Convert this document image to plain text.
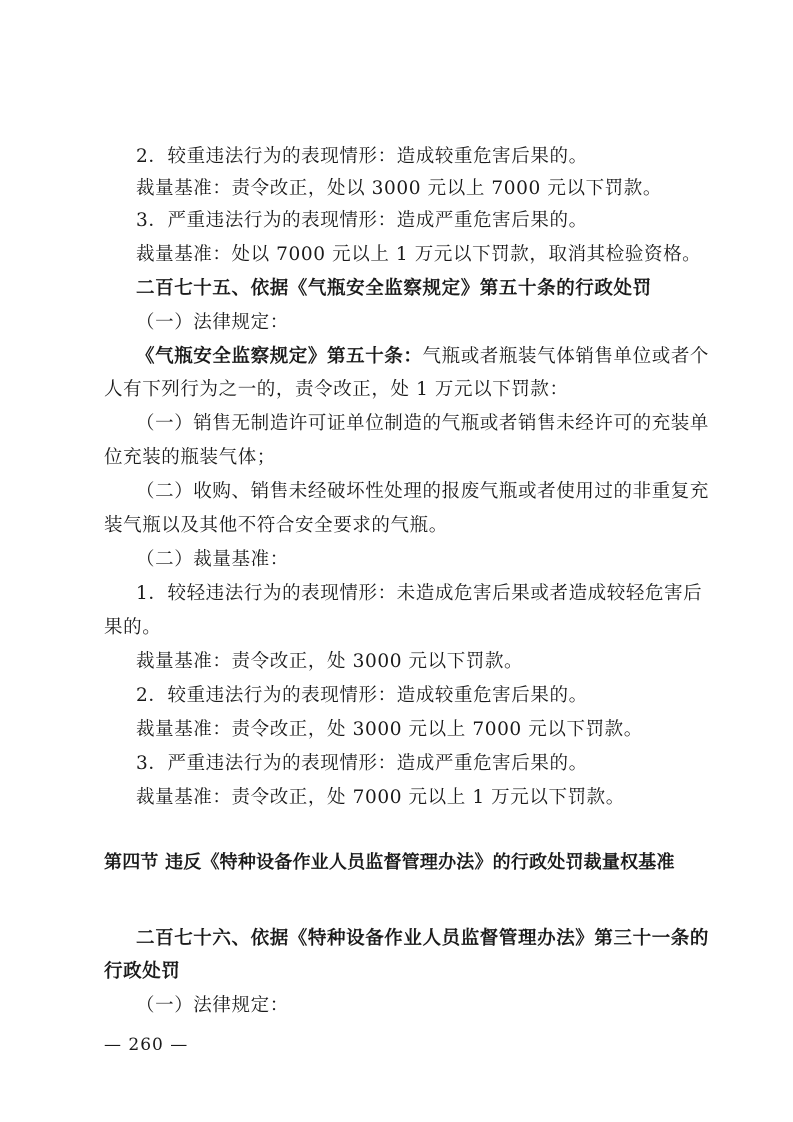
2．较重违法行为的表现情形：造成较重危害后果的。
裁量基准：责令改正，处以 3000 元以上 7000 元以下罚款。
3．严重违法行为的表现情形：造成严重危害后果的。
裁量基准：处以 7000 元以上 1 万元以下罚款，取消其检验资格。
二百七十五、依据《气瓶安全监察规定》第五十条的行政处罚
（一）法律规定：
《气瓶安全监察规定》第五十条：气瓶或者瓶装气体销售单位或者个
人有下列行为之一的，责令改正，处 1 万元以下罚款：
（一）销售无制造许可证单位制造的气瓶或者销售未经许可的充装单
位充装的瓶装气体；
（二）收购、销售未经破坏性处理的报废气瓶或者使用过的非重复充
装气瓶以及其他不符合安全要求的气瓶。
（二）裁量基准：
1．较轻违法行为的表现情形：未造成危害后果或者造成较轻危害后
果的。
裁量基准：责令改正，处 3000 元以下罚款。
2．较重违法行为的表现情形：造成较重危害后果的。
裁量基准：责令改正，处 3000 元以上 7000 元以下罚款。
3．严重违法行为的表现情形：造成严重危害后果的。
裁量基准：责令改正，处 7000 元以上 1 万元以下罚款。
第四节 违反《特种设备作业人员监督管理办法》的行政处罚裁量权基准
二百七十六、依据《特种设备作业人员监督管理办法》第三十一条的
行政处罚
（一）法律规定：
— 260 —
